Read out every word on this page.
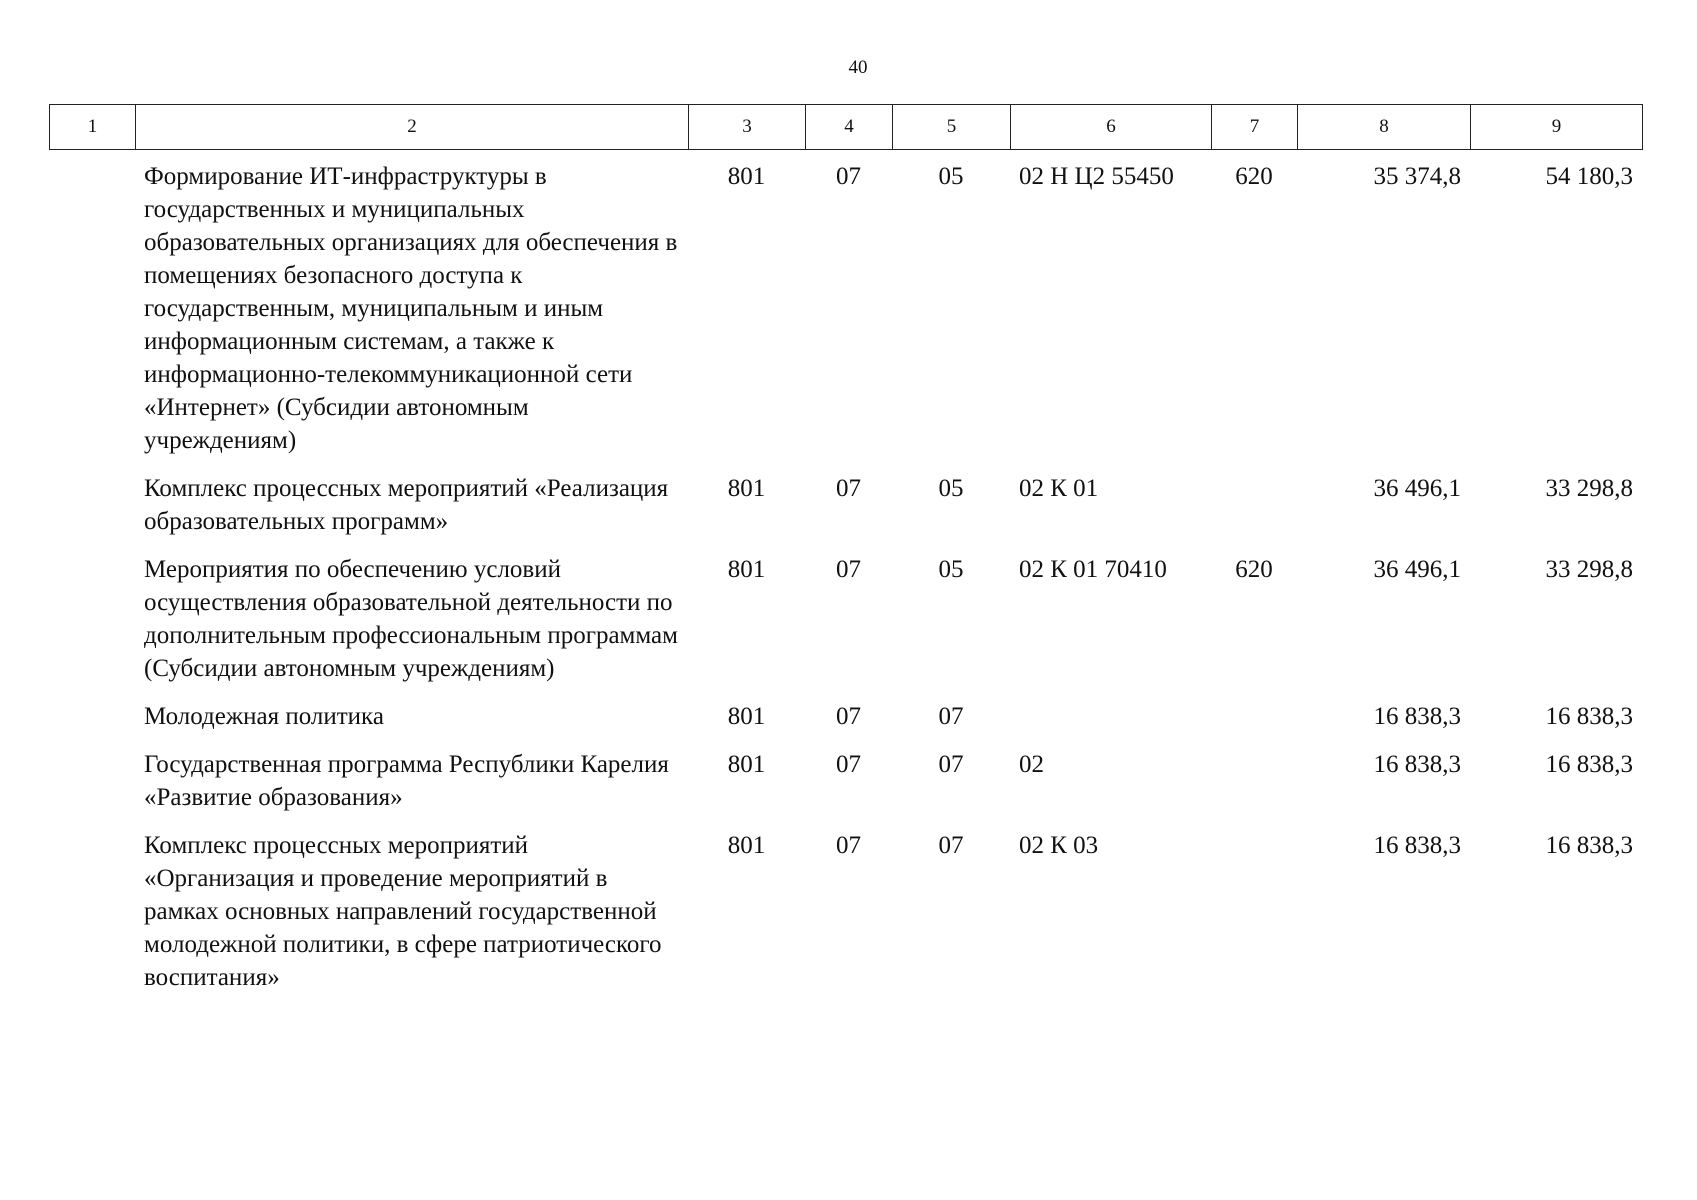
40
1	2	3	4	5	6	7	8	9
	Формирование ИТ-инфраструктуры в государственных и муниципальных образовательных организациях для обеспечения в помещениях безопасного доступа к государственным, муниципальным и иным информационным системам, а также к информационно-телекоммуникационной сети «Интернет» (Субсидии автономным учреждениям)	801	07	05	02 Н Ц2 55450	620	35 374,8	54 180,3
	Комплекс процессных мероприятий «Реализация образовательных программ»	801	07	05	02 К 01		36 496,1	33 298,8
	Мероприятия по обеспечению условий осуществления образовательной деятельности по дополнительным профессиональным программам (Субсидии автономным учреждениям)	801	07	05	02 К 01 70410	620	36 496,1	33 298,8
	Молодежная политика	801	07	07			16 838,3	16 838,3
	Государственная программа Республики Карелия «Развитие образования»	801	07	07	02		16 838,3	16 838,3
	Комплекс процессных мероприятий «Организация и проведение мероприятий в рамках основных направлений государственной молодежной политики, в сфере патриотического воспитания»	801	07	07	02 К 03		16 838,3	16 838,3
